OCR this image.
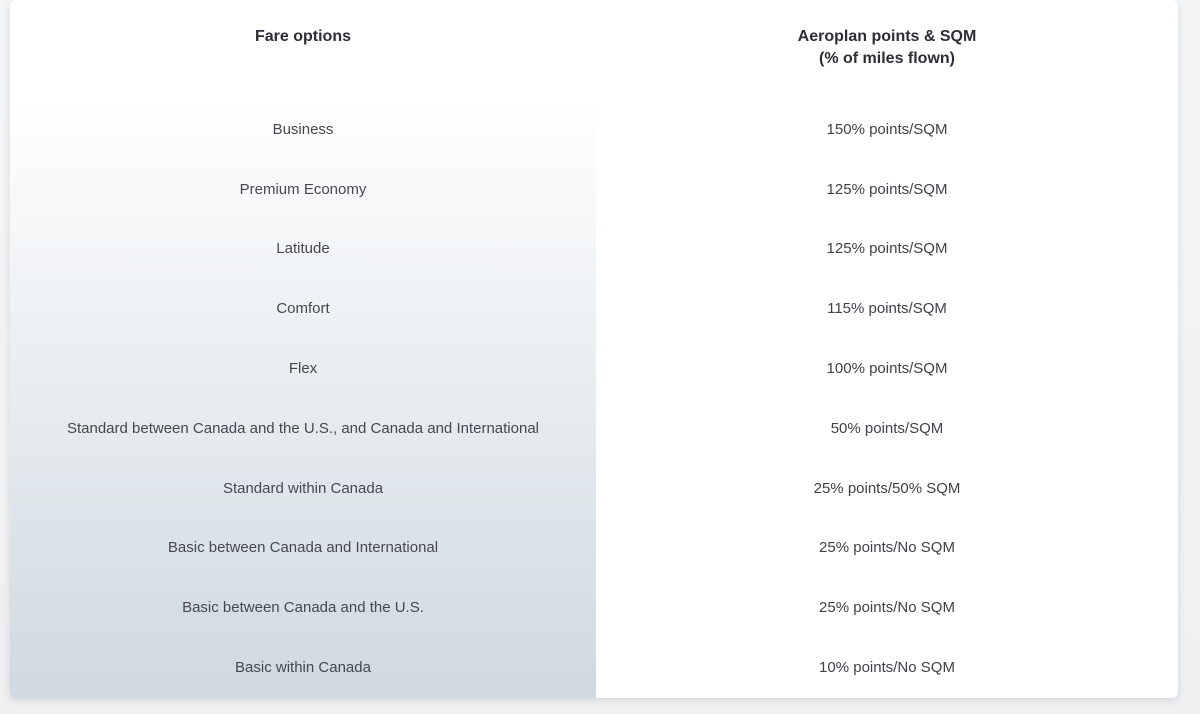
Fare options	Aeroplan points & SQM
(% of miles flown)
Business
Premium Economy
Latitude
Comfort
Flex
Standard between Canada and the U.S., and Canada and International
Standard within Canada
Basic between Canada and International
Basic between Canada and the U.S.
Basic within Canada
150% points/SQM
125% points/SQM
125% points/SQM
115% points/SQM
100% points/SQM
50% points/SQM
25% points/50% SQM
25% points/No SQM
25% points/No SQM
10% points/No SQM
